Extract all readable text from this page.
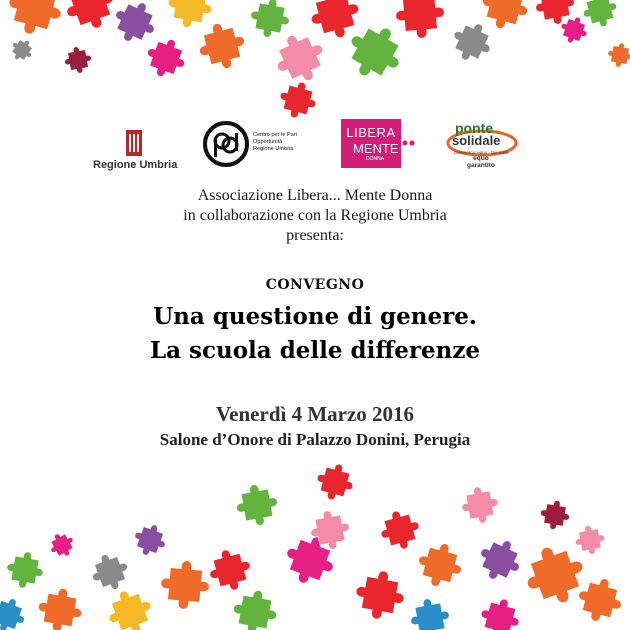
Regione Umbria
Centro per le Pari
Opportunità
Regione Umbria
LIBERA
MENTE
DONNA
ponte
solidale
commercio equo - fair trade
equo
garantito
Associazione Libera... Mente Donna
in collaborazione con la Regione Umbria
presenta:
CONVEGNO
Una questione di genere.
La scuola delle differenze
Venerdì 4 Marzo 2016
Salone d’Onore di Palazzo Donini, Perugia
